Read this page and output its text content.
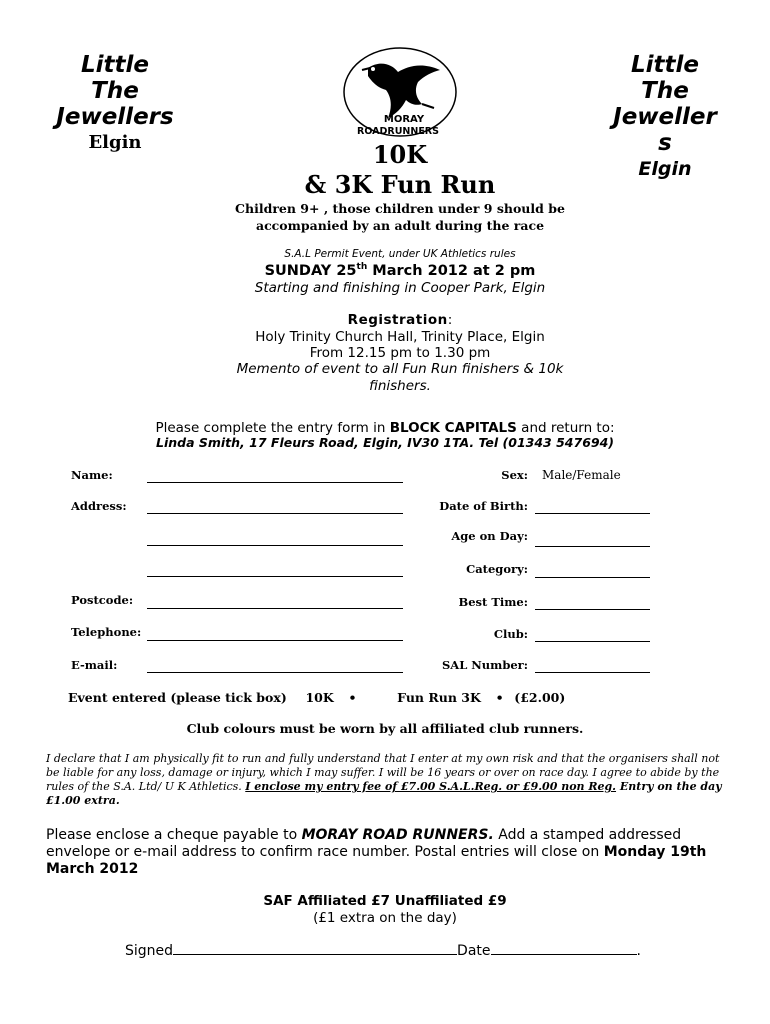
Little
The
Jewellers
Elgin
Little
The
Jeweller
s
Elgin
MORAY
ROADRUNNERS
10K
& 3K Fun Run
Children 9+ , those children under 9 should be
accompanied by an adult during the race
S.A.L Permit Event, under UK Athletics rules
SUNDAY 25th March 2012 at 2 pm
Starting and finishing in Cooper Park, Elgin
Registration:
Holy Trinity Church Hall, Trinity Place, Elgin
From 12.15 pm to 1.30 pm
Memento of event to all Fun Run finishers & 10k
finishers.
Please complete the entry form in BLOCK CAPITALS and return to:
Linda Smith, 17 Fleurs Road, Elgin, IV30 1TA. Tel (01343 547694)
Name:
Address:
Postcode:
Telephone:
E-mail:
Sex: Male/Female
Date of Birth:
Age on Day:
Category:
Best Time:
Club:
SAL Number:
Event entered (please tick box) 10K •	Fun Run 3K • (£2.00)
Club colours must be worn by all affiliated club runners.
I declare that I am physically fit to run and fully understand that I enter at my own risk and that the organisers shall not be liable for any loss, damage or injury, which I may suffer. I will be 16 years or over on race day. I agree to abide by the rules of the S.A. Ltd/ U K Athletics. I enclose my entry fee of £7.00 S.A.L.Reg. or £9.00 non Reg. Entry on the day £1.00 extra.
Please enclose a cheque payable to MORAY ROAD RUNNERS. Add a stamped addressed envelope or e-mail address to confirm race number. Postal entries will close on Monday 19th March 2012
SAF Affiliated £7 Unaffiliated £9
(£1 extra on the day)
Signed	Date	.
